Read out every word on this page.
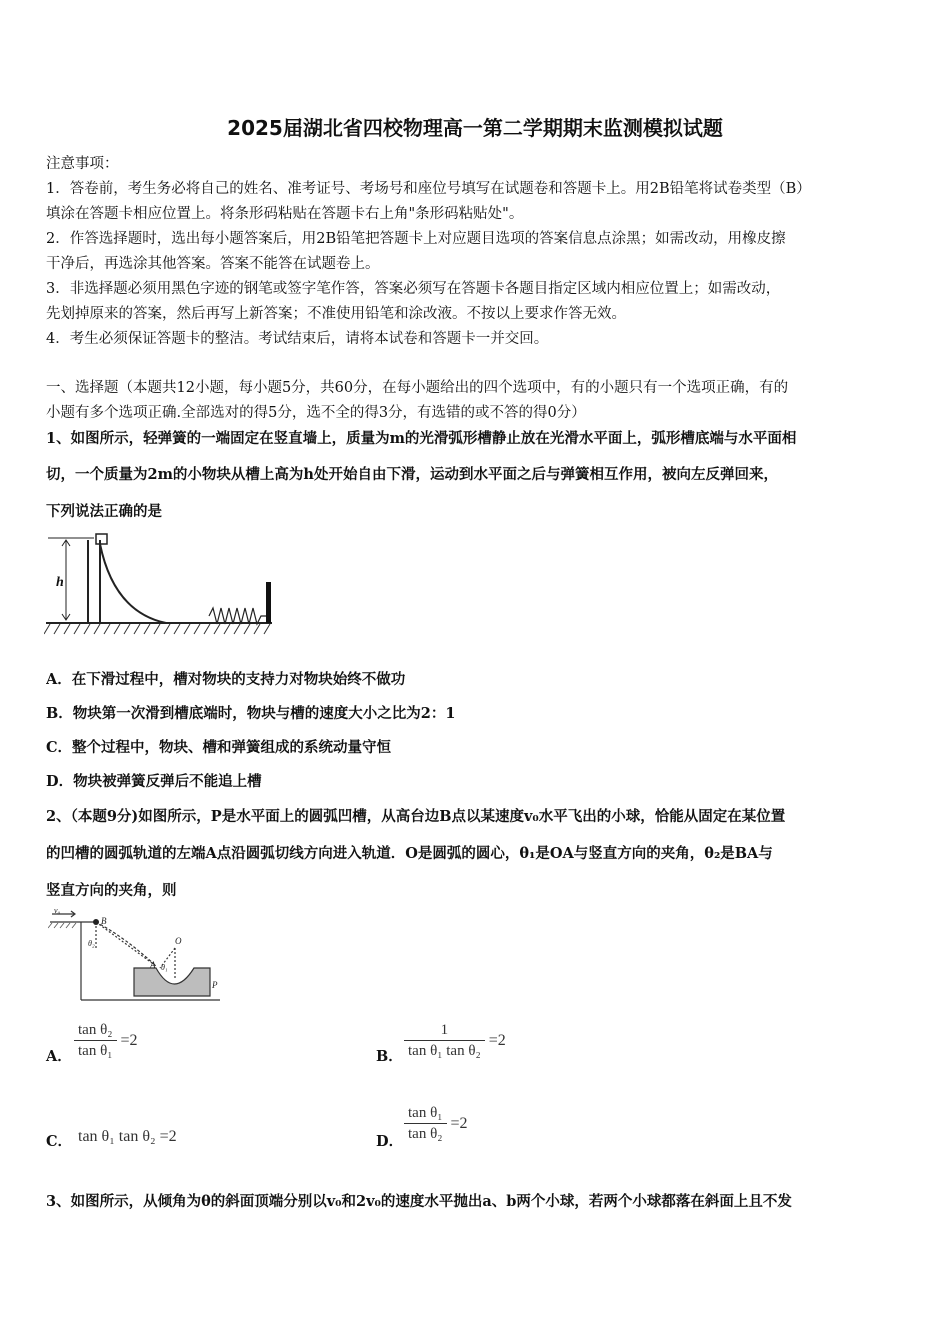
2025届湖北省四校物理高一第二学期期末监测模拟试题
注意事项：
1．答卷前，考生务必将自己的姓名、准考证号、考场号和座位号填写在试题卷和答题卡上。用2B铅笔将试卷类型（B）
填涂在答题卡相应位置上。将条形码粘贴在答题卡右上角"条形码粘贴处"。
2．作答选择题时，选出每小题答案后，用2B铅笔把答题卡上对应题目选项的答案信息点涂黑；如需改动，用橡皮擦
干净后，再选涂其他答案。答案不能答在试题卷上。
3．非选择题必须用黑色字迹的钢笔或签字笔作答，答案必须写在答题卡各题目指定区域内相应位置上；如需改动，
先划掉原来的答案，然后再写上新答案；不准使用铅笔和涂改液。不按以上要求作答无效。
4．考生必须保证答题卡的整洁。考试结束后，请将本试卷和答题卡一并交回。
一、选择题（本题共12小题，每小题5分，共60分，在每小题给出的四个选项中，有的小题只有一个选项正确，有的
小题有多个选项正确.全部选对的得5分，选不全的得3分，有选错的或不答的得0分）
1、如图所示，轻弹簧的一端固定在竖直墙上，质量为m的光滑弧形槽静止放在光滑水平面上，弧形槽底端与水平面相
切，一个质量为2m的小物块从槽上高为h处开始自由下滑，运动到水平面之后与弹簧相互作用，被向左反弹回来，
下列说法正确的是
h
A．在下滑过程中，槽对物块的支持力对物块始终不做功
B．物块第一次滑到槽底端时，物块与槽的速度大小之比为2：1
C．整个过程中，物块、槽和弹簧组成的系统动量守恒
D．物块被弹簧反弹后不能追上槽
2、（本题9分)如图所示，P是水平面上的圆弧凹槽，从高台边B点以某速度v₀水平飞出的小球，恰能从固定在某位置
的凹槽的圆弧轨道的左端A点沿圆弧切线方向进入轨道．O是圆弧的圆心，θ₁是OA与竖直方向的夹角，θ₂是BA与
竖直方向的夹角，则
v₀
B
θ₂	O
A θ₁
P
A． $\frac{\text{tan θ₂}}{\text{tan θ₁}} =2$
B． $\frac{1}{\text{tan θ₁ tan θ₂}} =2$
C． tan θ₁ tan θ₂ =2	D． $\frac{\text{tan θ₁}}{\text{tan θ₂}} =2$
3、如图所示，从倾角为θ的斜面顶端分别以v₀和2v₀的速度水平抛出a、b两个小球，若两个小球都落在斜面上且不发
